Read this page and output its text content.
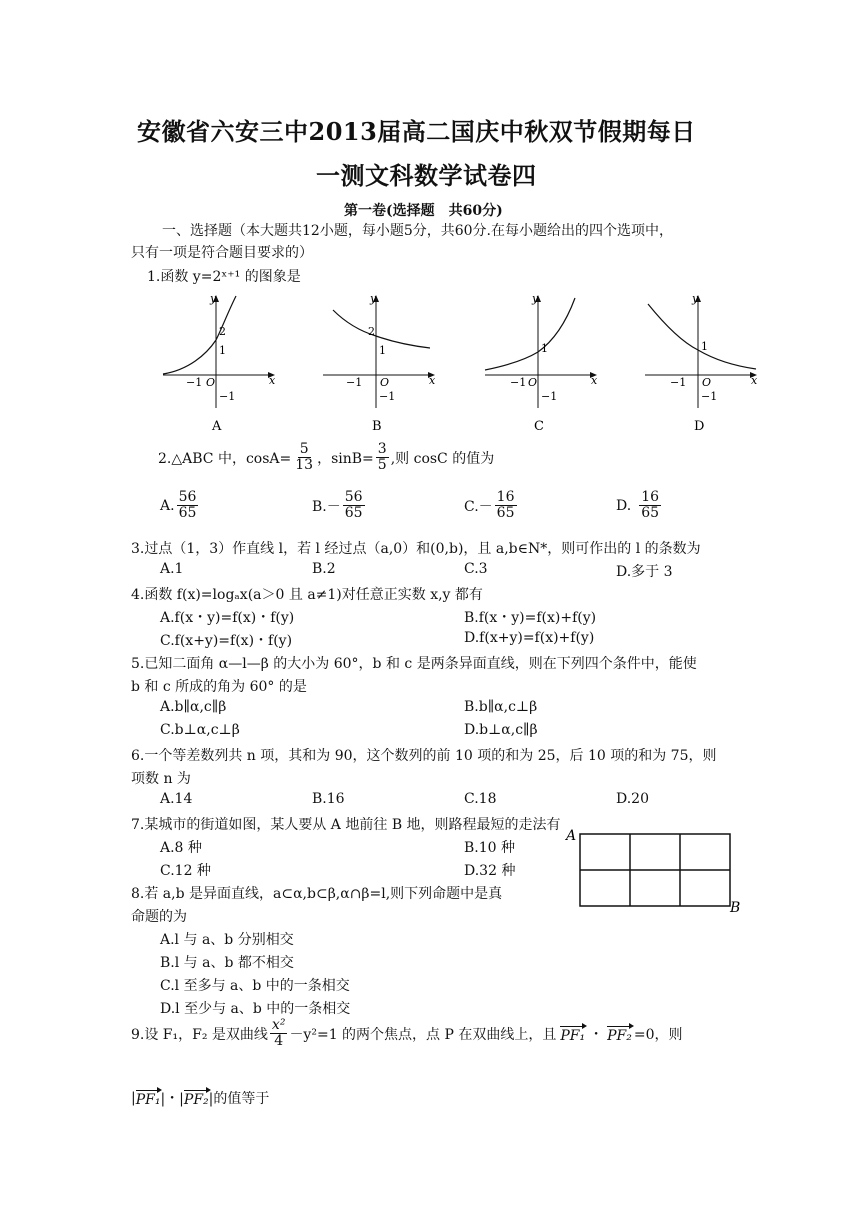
安徽省六安三中2013届高二国庆中秋双节假期每日
一测文科数学试卷四
第一卷(选择题　共60分)
一、选择题（本大题共12小题，每小题5分，共60分.在每小题给出的四个选项中，
只有一项是符合题目要求的）
1.函数 y=2ˣ⁺¹ 的图象是
y
x
2
1
−1
−1 O
A
y
x
2
1
−1
−1 O
B
y
x
1
−1
−1 O
C
y
x
1
−1
−1 O
D
2.△ABC 中，$\cos A= \frac{5}{13}$ ，$\sin B= \frac{3}{5}$ ,则 cosC 的值为
A. $\frac{56}{65}$	$B.- \frac{56}{65}$	$C.- \frac{16}{65}$	D. $\frac{16}{65}$
3.过点（1，3）作直线 l，若 l 经过点（a,0）和(0,b)，且 a,b∈N*，则可作出的 l 的条数为
A.1	B.2	C.3	D.多于 3
4.函数 f(x)=logₐx(a＞0 且 a≠1)对任意正实数 x,y 都有
A.f(x・y)=f(x)・f(y)	B.f(x・y)=f(x)+f(y)
C.f(x+y)=f(x)・f(y)	D.f(x+y)=f(x)+f(y)
5.已知二面角 α—l—β 的大小为 60°，b 和 c 是两条异面直线，则在下列四个条件中，能使
b 和 c 所成的角为 60° 的是
A.b∥α,c∥β	B.b∥α,c⊥β
C.b⊥α,c⊥β	D.b⊥α,c∥β
6.一个等差数列共 n 项，其和为 90，这个数列的前 10 项的和为 25，后 10 项的和为 75，则
项数 n 为
A.14	B.16	C.18	D.20
7.某城市的街道如图，某人要从 A 地前往 B 地，则路程最短的走法有
A.8 种	B.10 种
C.12 种	D.32 种
A
B
8.若 a,b 是异面直线，a⊂α,b⊂β,α∩β=l,则下列命题中是真
命题的为
A.l 与 a、b 分别相交
B.l 与 a、b 都不相交
C.l 至多与 a、b 中的一条相交
D.l 至少与 a、b 中的一条相交
9.设 F₁，F₂ 是双曲线 $\frac{\text{x²}}{4} -y^2=1$ 的两个焦点，点 P 在双曲线上，且 PF₁ ・ PF₂ =0，则
| PF₁ |・| PF₂ |的值等于
